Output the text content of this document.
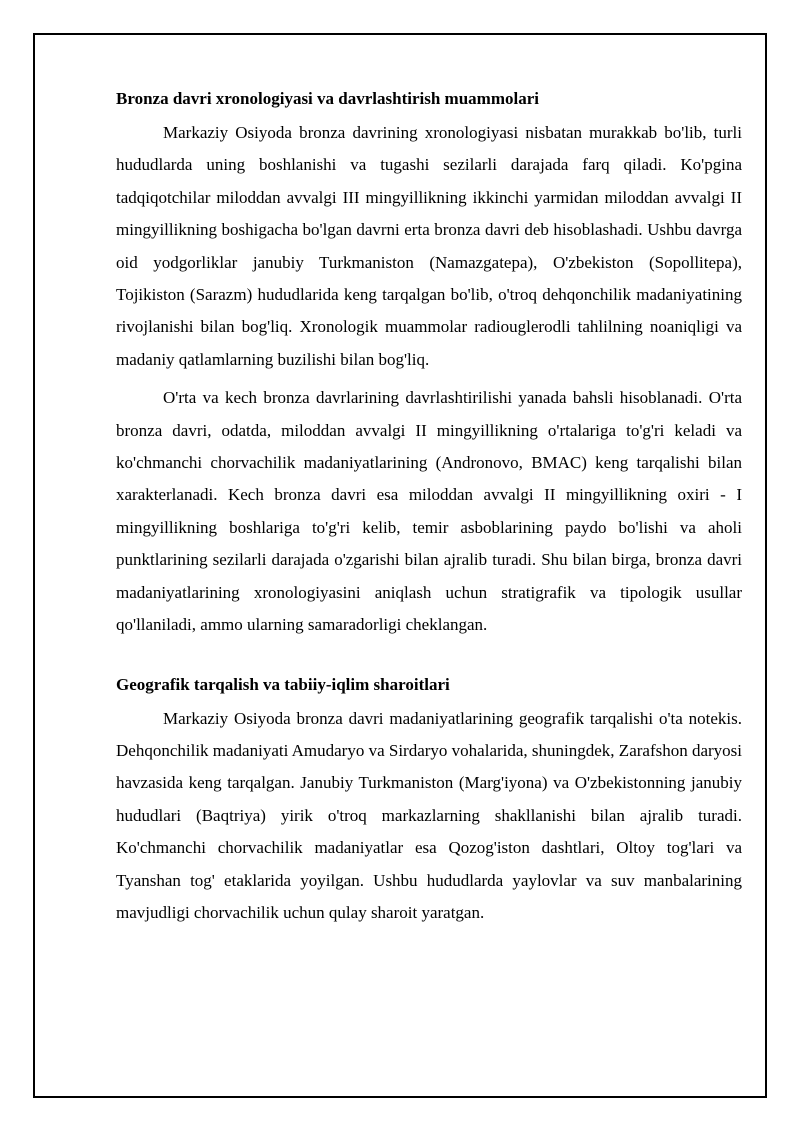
Bronza davri xronologiyasi va davrlashtirish muammolari

Markaziy Osiyoda bronza davrining xronologiyasi nisbatan murakkab bo'lib, turli hududlarda uning boshlanishi va tugashi sezilarli darajada farq qiladi. Ko'pgina tadqiqotchilar miloddan avvalgi III mingyillikning ikkinchi yarmidan miloddan avvalgi II mingyillikning boshigacha bo'lgan davrni erta bronza davri deb hisoblashadi. Ushbu davrga oid yodgorliklar janubiy Turkmaniston (Namazgatepa), O'zbekiston (Sopollitepa), Tojikiston (Sarazm) hududlarida keng tarqalgan bo'lib, o'troq dehqonchilik madaniyatining rivojlanishi bilan bog'liq. Xronologik muammolar radiouglerodli tahlilning noaniqligi va madaniy qatlamlarning buzilishi bilan bog'liq.

O'rta va kech bronza davrlarining davrlashtirilishi yanada bahsli hisoblanadi. O'rta bronza davri, odatda, miloddan avvalgi II mingyillikning o'rtalariga to'g'ri keladi va ko'chmanchi chorvachilik madaniyatlarining (Andronovo, BMAC) keng tarqalishi bilan xarakterlanadi. Kech bronza davri esa miloddan avvalgi II mingyillikning oxiri - I mingyillikning boshlariga to'g'ri kelib, temir asboblarining paydo bo'lishi va aholi punktlarining sezilarli darajada o'zgarishi bilan ajralib turadi. Shu bilan birga, bronza davri madaniyatlarining xronologiyasini aniqlash uchun stratigrafik va tipologik usullar qo'llaniladi, ammo ularning samaradorligi cheklangan.

Geografik tarqalish va tabiiy-iqlim sharoitlari

Markaziy Osiyoda bronza davri madaniyatlarining geografik tarqalishi o'ta notekis. Dehqonchilik madaniyati Amudaryo va Sirdaryo vohalarida, shuningdek, Zarafshon daryosi havzasida keng tarqalgan. Janubiy Turkmaniston (Marg'iyona) va O'zbekistonning janubiy hududlari (Baqtriya) yirik o'troq markazlarning shakllanishi bilan ajralib turadi. Ko'chmanchi chorvachilik madaniyatlar esa Qozog'iston dashtlari, Oltoy tog'lari va Tyanshan tog' etaklarida yoyilgan. Ushbu hududlarda yaylovlar va suv manbalarining mavjudligi chorvachilik uchun qulay sharoit yaratgan.
